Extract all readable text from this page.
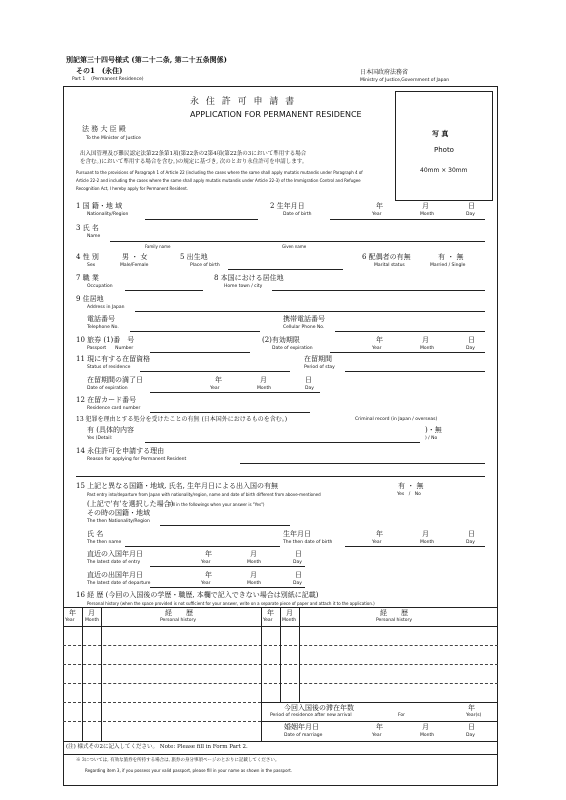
別記第三十四号様式 (第二十二条, 第二十五条関係)
その1　(永住)
Part 1　 (Permanent Residence)
日本国政府法務省
Ministry of Justice,Government of Japan
永 住 許 可 申 請 書
APPLICATION FOR PERMANENT RESIDENCE
写 真
Photo
40mm × 30mm
法 務 大 臣 殿
To the Minister of Justice
出入国管理及び難民認定法第22条第1項(第22条の2第4項(第22条の3において準用する場合
を含む。)において準用する場合を含む。)の規定に基づき, 次のとおり永住許可を申請します。
Pursuant to the provisions of Paragraph 1 of Article 22 (including the cases where the same shall apply mutatis mutandis under Paragraph 4 of
Article 22-2 and including the cases where the same shall apply mutatis mutandis under Article 22-3) of the Immigration Control and Refugee
Recognition Act, I hereby apply for Permanent Resident.
1 国 籍・地 域
Nationality/Region
2 生年月日
Date of birth
年	月	日
Year	Month	Day
3 氏 名
Name
Family name	Given name
4 性 別	男 ・ 女
Sex	Male/Female
5 出生地
Place of birth
6 配偶者の有無	有 ・ 無
Marital status	Married / Single
7 職 業
Occupation
8 本国における居住地
Home town / city
9 住居地
Address in Japan
電話番号
Telephone No.
携帯電話番号
Cellular Phone No.
10 旅券 (1)番　号
Passport　　Number
(2)有効期限
Date of expiration
年	月	日
Year	Month	Day
11 現に有する在留資格
Status of residence
在留期間
Period of stay
在留期間の満了日
Date of expiration
年	月	日
Year	Month	Day
12 在留カード番号
Residence card number
13 犯罪を理由とする処分を受けたことの有無 (日本国外におけるものを含む。)	Criminal record (in Japan / overseas)
有 (具体的内容
Yes (Detail:
)・無
) / No
14 永住許可を申請する理由
Reason for applying for Permanent Resident
15 上記と異なる国籍・地域, 氏名, 生年月日による出入国の有無	有 ・ 無
Past entry into/departure from Japan with nationality/region, name and date of birth different from above-mentioned	Yes　/　No
(上記で'有'を選択した場合)
(Fill in the followings when your answer is "Yes")
その時の国籍・地域
The then Nationality/Region
氏 名
The then name
生年月日
The then date of birth
年	月	日
Year	Month	Day
直近の入国年月日
The latest date of entry
年	月	日
Year	Month	Day
直近の出国年月日
The latest date of departure
年	月	日
Year	Month	Day
16 経 歴 (今回の入国後の学歴・職歴, 本欄で記入できない場合は別紙に記載)
Personal history (when the space provided is not sufficient for your answer, write on a separate piece of paper and attach it to the application.)
年 月	経　　歴
Year Month	Personal history
年 月	経　　歴
Year Month	Personal history
今回入国後の滞在年数	年
Period of residence after new arrival	For	Year(s)
婚姻年月日
Date of marriage
年	月	日
Year	Month	Day
(注) 様式その2に記入してください。 Note: Please fill in Form Part 2.
※ 3については, 有効な旅券を所持する場合は, 旅券の身分事項ページのとおりに記載してください。
Regarding item 3, if you possess your valid passport, please fill in your name as shown in the passport.
